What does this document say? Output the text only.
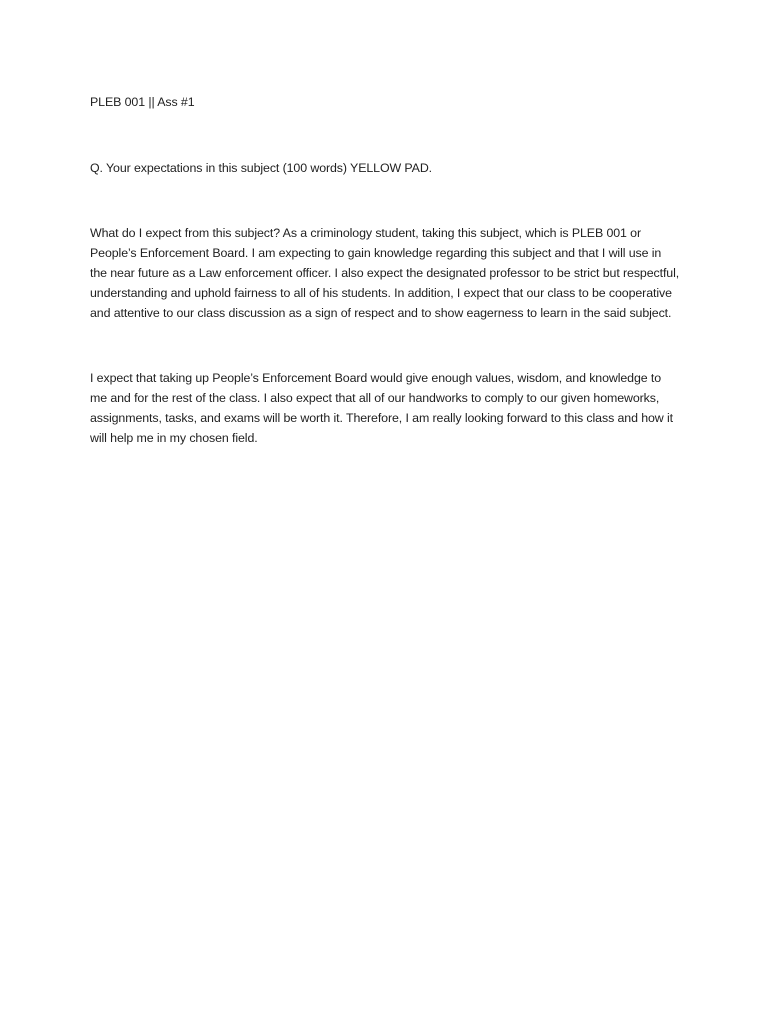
PLEB 001 || Ass #1

Q. Your expectations in this subject (100 words) YELLOW PAD.

What do I expect from this subject? As a criminology student, taking this subject, which is PLEB 001 or People’s Enforcement Board. I am expecting to gain knowledge regarding this subject and that I will use in the near future as a Law enforcement officer. I also expect the designated professor to be strict but respectful, understanding and uphold fairness to all of his students. In addition, I expect that our class to be cooperative and attentive to our class discussion as a sign of respect and to show eagerness to learn in the said subject.

I expect that taking up People’s Enforcement Board would give enough values, wisdom, and knowledge to me and for the rest of the class. I also expect that all of our handworks to comply to our given homeworks, assignments, tasks, and exams will be worth it. Therefore, I am really looking forward to this class and how it will help me in my chosen field.
